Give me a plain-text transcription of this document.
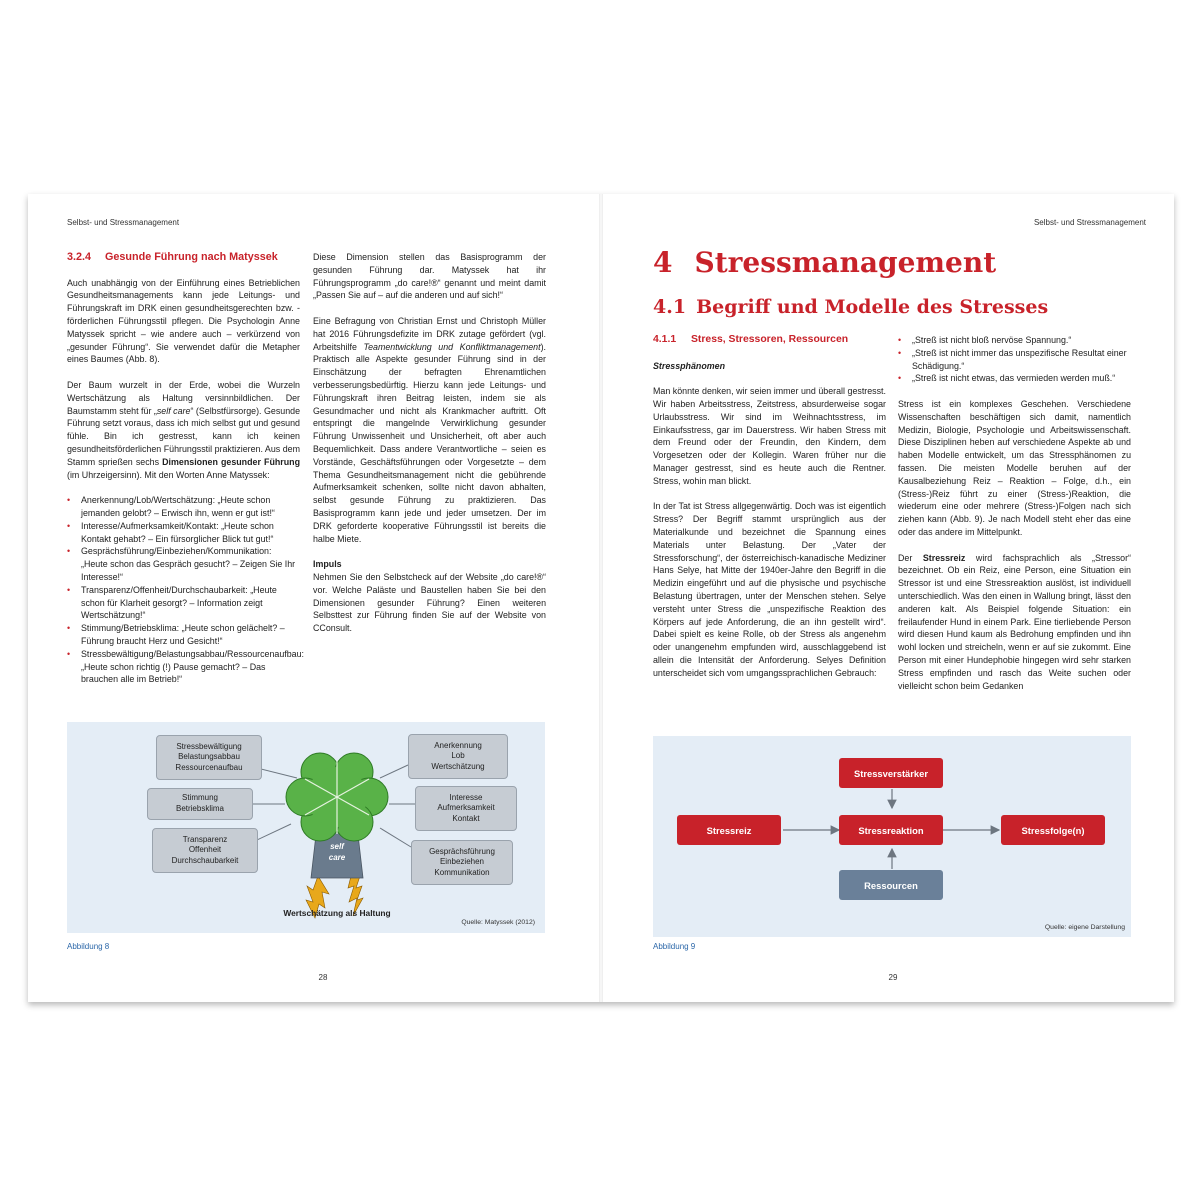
Selbst- und Stressmanagement
3.2.4 Gesunde Führung nach Matyssek

Auch unabhängig von der Einführung eines Betrieblichen Gesundheitsmanagements kann jede Leitungs- und Führungskraft im DRK einen gesundheitsgerechten bzw. -förderlichen Führungsstil pflegen. Die Psychologin Anne Matyssek spricht – wie andere auch – verkürzend von „gesunder Führung“. Sie verwendet dafür die Metapher eines Baumes (Abb. 8).

Der Baum wurzelt in der Erde, wobei die Wurzeln Wertschätzung als Haltung versinnbildlichen. Der Baumstamm steht für „self care“ (Selbstfürsorge). Gesunde Führung setzt voraus, dass ich mich selbst gut und gesund fühle. Bin ich gestresst, kann ich keinen gesundheitsförderlichen Führungsstil praktizieren. Aus dem Stamm sprießen sechs Dimensionen gesunder Führung (im Uhrzeigersinn). Mit den Worten Anne Matyssek:

• Anerkennung/Lob/Wertschätzung: „Heute schon jemanden gelobt? – Erwisch ihn, wenn er gut ist!“
• Interesse/Aufmerksamkeit/Kontakt: „Heute schon Kontakt gehabt? – Ein fürsorglicher Blick tut gut!“
• Gesprächsführung/Einbeziehen/Kommunikation: „Heute schon das Gespräch gesucht? – Zeigen Sie Ihr Interesse!“
• Transparenz/Offenheit/Durchschaubarkeit: „Heute schon für Klarheit gesorgt? – Information zeigt Wertschätzung!“
• Stimmung/Betriebsklima: „Heute schon gelächelt? – Führung braucht Herz und Gesicht!“
• Stressbewältigung/Belastungsabbau/Ressourcenaufbau: „Heute schon richtig (!) Pause gemacht? – Das brauchen alle im Betrieb!“

Diese Dimension stellen das Basisprogramm der gesunden Führung dar. Matyssek hat ihr Führungsprogramm „do care!®“ genannt und meint damit „Passen Sie auf – auf die anderen und auf sich!“

Eine Befragung von Christian Ernst und Christoph Müller hat 2016 Führungsdefizite im DRK zutage gefördert (vgl. Arbeitshilfe Teamentwicklung und Konfliktmanagement). Praktisch alle Aspekte gesunder Führung sind in der Einschätzung der befragten Ehrenamtlichen verbesserungsbedürftig. Hierzu kann jede Leitungs- und Führungskraft ihren Beitrag leisten, indem sie als Gesundmacher und nicht als Krankmacher auftritt. Oft entspringt die mangelnde Verwirklichung gesunder Führung Unwissenheit und Unsicherheit, oft aber auch Bequemlichkeit. Dass andere Verantwortliche – seien es Vorstände, Geschäftsführungen oder Vorgesetzte – dem Thema Gesundheitsmanagement nicht die gebührende Aufmerksamkeit schenken, sollte nicht davon abhalten, selbst gesunde Führung zu praktizieren. Das Basisprogramm kann jede und jeder umsetzen. Der im DRK geforderte kooperative Führungsstil ist bereits die halbe Miete.

Impuls

Nehmen Sie den Selbstcheck auf der Website „do care!®“ vor. Welche Paläste und Baustellen haben Sie bei den Dimensionen gesunder Führung? Einen weiteren Selbsttest zur Führung finden Sie auf der Website von CConsult.

self
care
Stressbewältigung
Belastungsabbau
Ressourcenaufbau
Stimmung
Betriebsklima
Transparenz
Offenheit
Durchschaubarkeit
Anerkennung
Lob
Wertschätzung
Interesse
Aufmerksamkeit
Kontakt
Gesprächsführung
Einbeziehen
Kommunikation
Wertschätzung als Haltung
Quelle: Matyssek (2012)
Abbildung 8
28
Selbst- und Stressmanagement
4 Stressmanagement
4.1 Begriff und Modelle des Stresses
4.1.1 Stress, Stressoren, Ressourcen
Stressphänomen

Man könnte denken, wir seien immer und überall gestresst. Wir haben Arbeitsstress, Zeitstress, absurderweise sogar Urlaubsstress. Wir sind im Weihnachtsstress, im Einkaufsstress, gar im Dauerstress. Wir haben Stress mit dem Freund oder der Freundin, den Kindern, dem Vorgesetzen oder der Kollegin. Waren früher nur die Manager gestresst, sind es heute auch die Rentner. Stress, wohin man blickt.

In der Tat ist Stress allgegenwärtig. Doch was ist eigentlich Stress? Der Begriff stammt ursprünglich aus der Materialkunde und bezeichnet die Spannung eines Materials unter Belastung. Der „Vater der Stressforschung“, der österreichisch-kanadische Mediziner Hans Selye, hat Mitte der 1940er-Jahre den Begriff in die Medizin eingeführt und auf die physische und psychische Belastung übertragen, unter der Menschen stehen. Selye versteht unter Stress die „unspezifische Reaktion des Körpers auf jede Anforderung, die an ihn gestellt wird“. Dabei spielt es keine Rolle, ob der Stress als angenehm oder unangenehm empfunden wird, ausschlaggebend ist allein die Intensität der Anforderung. Selyes Definition unterscheidet sich vom umgangssprachlichen Gebrauch:

• „Streß ist nicht bloß nervöse Spannung.“
• „Streß ist nicht immer das unspezifische Resultat einer Schädigung.“
• „Streß ist nicht etwas, das vermieden werden muß.“

Stress ist ein komplexes Geschehen. Verschiedene Wissenschaften beschäftigen sich damit, namentlich Medizin, Biologie, Psychologie und Arbeitswissenschaft. Diese Disziplinen heben auf verschiedene Aspekte ab und haben Modelle entwickelt, um das Stressphänomen zu fassen. Die meisten Modelle beruhen auf der Kausalbeziehung Reiz – Reaktion – Folge, d.h., ein (Stress-)Reiz führt zu einer (Stress-)Reaktion, die wiederum eine oder mehrere (Stress-)Folgen nach sich ziehen kann (Abb. 9). Je nach Modell steht eher das eine oder das andere im Mittelpunkt.

Der Stressreiz wird fachsprachlich als „Stressor“ bezeichnet. Ob ein Reiz, eine Person, eine Situation ein Stressor ist und eine Stressreaktion auslöst, ist individuell unterschiedlich. Was den einen in Wallung bringt, lässt den anderen kalt. Als Beispiel folgende Situation: ein freilaufender Hund in einem Park. Eine tierliebende Person wird diesen Hund kaum als Bedrohung empfinden und ihn wohl locken und streicheln, wenn er auf sie zukommt. Eine Person mit einer Hundephobie hingegen wird sehr starken Stress empfinden und rasch das Weite suchen oder vielleicht schon beim Gedanken

Stressverstärker
Stressreiz	Stressreaktion	Stressfolge(n)
Ressourcen
Quelle: eigene Darstellung
Abbildung 9
29
